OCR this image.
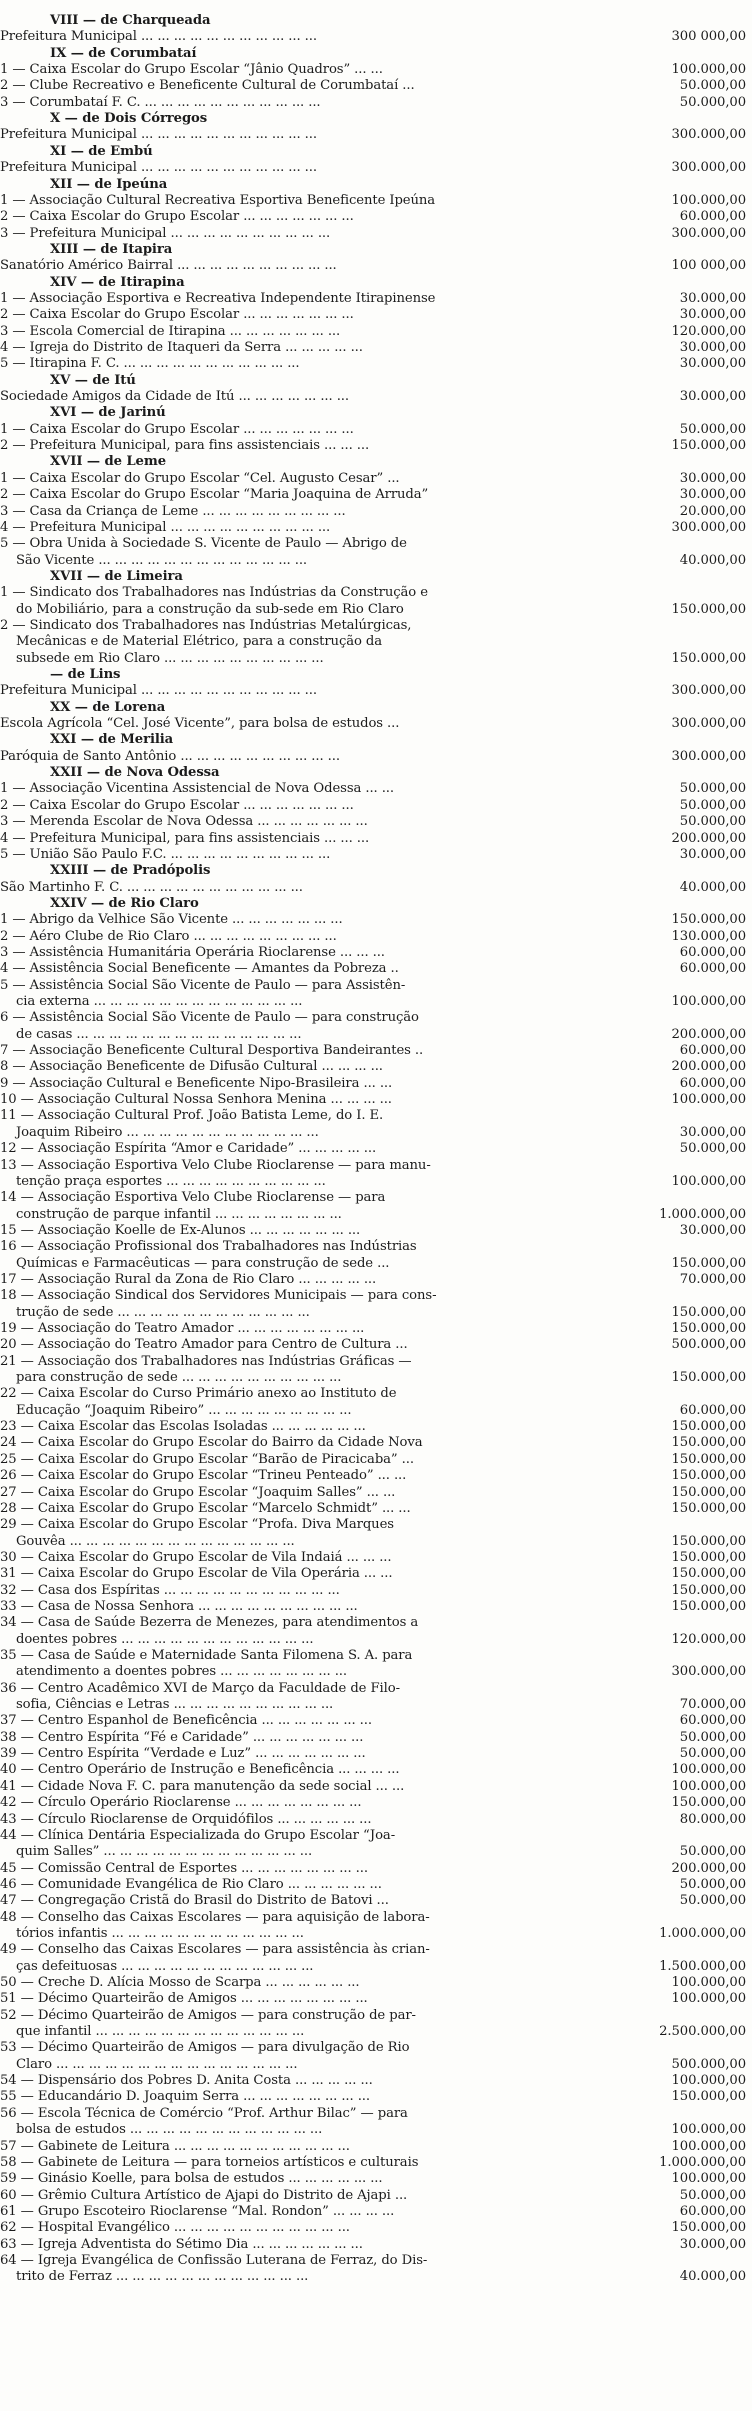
VIII — de Charqueada
Prefeitura Municipal ... ... ... ... ... ... ... ... ... ... ...	300 000,00
IX — de Corumbataí
1 — Caixa Escolar do Grupo Escolar “Jânio Quadros” ... ...	100.000,00
2 — Clube Recreativo e Beneficente Cultural de Corumbataí ...	50.000,00
3 — Corumbataí F. C. ... ... ... ... ... ... ... ... ... ... ...	50.000,00
X — de Dois Córregos
Prefeitura Municipal ... ... ... ... ... ... ... ... ... ... ...	300.000,00
XI — de Embú
Prefeitura Municipal ... ... ... ... ... ... ... ... ... ... ...	300.000,00
XII — de Ipeúna
1 — Associação Cultural Recreativa Esportiva Beneficente Ipeúna	100.000,00
2 — Caixa Escolar do Grupo Escolar ... ... ... ... ... ... ...	60.000,00
3 — Prefeitura Municipal ... ... ... ... ... ... ... ... ... ...	300.000,00
XIII — de Itapira
Sanatório Américo Bairral ... ... ... ... ... ... ... ... ... ...	100 000,00
XIV — de Itirapina
1 — Associação Esportiva e Recreativa Independente Itirapinense	30.000,00
2 — Caixa Escolar do Grupo Escolar ... ... ... ... ... ... ...	30.000,00
3 — Escola Comercial de Itirapina ... ... ... ... ... ... ...	120.000,00
4 — Igreja do Distrito de Itaqueri da Serra ... ... ... ... ...	30.000,00
5 — Itirapina F. C. ... ... ... ... ... ... ... ... ... ... ...	30.000,00
XV — de Itú
Sociedade Amigos da Cidade de Itú ... ... ... ... ... ... ...	30.000,00
XVI — de Jarinú
1 — Caixa Escolar do Grupo Escolar ... ... ... ... ... ... ...	50.000,00
2 — Prefeitura Municipal, para fins assistenciais ... ... ...	150.000,00
XVII — de Leme
1 — Caixa Escolar do Grupo Escolar “Cel. Augusto Cesar” ...	30.000,00
2 — Caixa Escolar do Grupo Escolar “Maria Joaquina de Arruda”	30.000,00
3 — Casa da Criança de Leme ... ... ... ... ... ... ... ... ...	20.000,00
4 — Prefeitura Municipal ... ... ... ... ... ... ... ... ... ...	300.000,00
5 — Obra Unida à Sociedade S. Vicente de Paulo — Abrigo de
São Vicente ... ... ... ... ... ... ... ... ... ... ... ... ...	40.000,00
XVII — de Limeira
1 — Sindicato dos Trabalhadores nas Indústrias da Construção e
do Mobiliário, para a construção da sub-sede em Rio Claro	150.000,00
2 — Sindicato dos Trabalhadores nas Indústrias Metalúrgicas,
Mecânicas e de Material Elétrico, para a construção da
subsede em Rio Claro ... ... ... ... ... ... ... ... ... ...	150.000,00
— de Lins
Prefeitura Municipal ... ... ... ... ... ... ... ... ... ... ...	300.000,00
XX — de Lorena
Escola Agrícola “Cel. José Vicente”, para bolsa de estudos ...	300.000,00
XXI — de Merilia
Paróquia de Santo Antônio ... ... ... ... ... ... ... ... ... ...	300.000,00
XXII — de Nova Odessa
1 — Associação Vicentina Assistencial de Nova Odessa ... ...	50.000,00
2 — Caixa Escolar do Grupo Escolar ... ... ... ... ... ... ...	50.000,00
3 — Merenda Escolar de Nova Odessa ... ... ... ... ... ... ...	50.000,00
4 — Prefeitura Municipal, para fins assistenciais ... ... ...	200.000,00
5 — União São Paulo F.C. ... ... ... ... ... ... ... ... ... ...	30.000,00
XXIII — de Pradópolis
São Martinho F. C. ... ... ... ... ... ... ... ... ... ... ...	40.000,00
XXIV — de Rio Claro
1 — Abrigo da Velhice São Vicente ... ... ... ... ... ... ...	150.000,00
2 — Aéro Clube de Rio Claro ... ... ... ... ... ... ... ... ...	130.000,00
3 — Assistência Humanitária Operária Rioclarense ... ... ...	60.000,00
4 — Assistência Social Beneficente — Amantes da Pobreza ..	60.000,00
5 — Assistência Social São Vicente de Paulo — para Assistên-
cia externa ... ... ... ... ... ... ... ... ... ... ... ... ...	100.000,00
6 — Assistência Social São Vicente de Paulo — para construção
de casas ... ... ... ... ... ... ... ... ... ... ... ... ... ...	200.000,00
7 — Associação Beneficente Cultural Desportiva Bandeirantes ..	60.000,00
8 — Associação Beneficente de Difusão Cultural ... ... ... ...	200.000,00
9 — Associação Cultural e Beneficente Nipo-Brasileira ... ...	60.000,00
10 — Associação Cultural Nossa Senhora Menina ... ... ... ...	100.000,00
11 — Associação Cultural Prof. João Batista Leme, do I. E.
Joaquim Ribeiro ... ... ... ... ... ... ... ... ... ... ... ...	30.000,00
12 — Associação Espírita “Amor e Caridade” ... ... ... ... ...	50.000,00
13 — Associação Esportiva Velo Clube Rioclarense — para manu-
tenção praça esportes ... ... ... ... ... ... ... ... ... ...	100.000,00
14 — Associação Esportiva Velo Clube Rioclarense — para
construção de parque infantil ... ... ... ... ... ... ... ...	1.000.000,00
15 — Associação Koelle de Ex-Alunos ... ... ... ... ... ... ...	30.000,00
16 — Associação Profissional dos Trabalhadores nas Indústrias
Químicas e Farmacêuticas — para construção de sede ...	150.000,00
17 — Associação Rural da Zona de Rio Claro ... ... ... ... ...	70.000,00
18 — Associação Sindical dos Servidores Municipais — para cons-
trução de sede ... ... ... ... ... ... ... ... ... ... ... ...	150.000,00
19 — Associação do Teatro Amador ... ... ... ... ... ... ... ...	150.000,00
20 — Associação do Teatro Amador para Centro de Cultura ...	500.000,00
21 — Associação dos Trabalhadores nas Indústrias Gráficas —
para construção de sede ... ... ... ... ... ... ... ... ... ...	150.000,00
22 — Caixa Escolar do Curso Primário anexo ao Instituto de
Educação “Joaquim Ribeiro” ... ... ... ... ... ... ... ... ...	60.000,00
23 — Caixa Escolar das Escolas Isoladas ... ... ... ... ... ...	150.000,00
24 — Caixa Escolar do Grupo Escolar do Bairro da Cidade Nova	150.000,00
25 — Caixa Escolar do Grupo Escolar “Barão de Piracicaba” ...	150.000,00
26 — Caixa Escolar do Grupo Escolar “Trineu Penteado” ... ...	150.000,00
27 — Caixa Escolar do Grupo Escolar “Joaquim Salles” ... ...	150.000,00
28 — Caixa Escolar do Grupo Escolar “Marcelo Schmidt” ... ...	150.000,00
29 — Caixa Escolar do Grupo Escolar “Profa. Diva Marques
Gouvêa ... ... ... ... ... ... ... ... ... ... ... ... ... ...	150.000,00
30 — Caixa Escolar do Grupo Escolar de Vila Indaiá ... ... ...	150.000,00
31 — Caixa Escolar do Grupo Escolar de Vila Operária ... ...	150.000,00
32 — Casa dos Espíritas ... ... ... ... ... ... ... ... ... ... ...	150.000,00
33 — Casa de Nossa Senhora ... ... ... ... ... ... ... ... ... ...	150.000,00
34 — Casa de Saúde Bezerra de Menezes, para atendimentos a
doentes pobres ... ... ... ... ... ... ... ... ... ... ... ...	120.000,00
35 — Casa de Saúde e Maternidade Santa Filomena S. A. para
atendimento a doentes pobres ... ... ... ... ... ... ... ...	300.000,00
36 — Centro Acadêmico XVI de Março da Faculdade de Filo-
sofia, Ciências e Letras ... ... ... ... ... ... ... ... ... ...	70.000,00
37 — Centro Espanhol de Beneficência ... ... ... ... ... ... ...	60.000,00
38 — Centro Espírita “Fé e Caridade” ... ... ... ... ... ... ...	50.000,00
39 — Centro Espírita “Verdade e Luz” ... ... ... ... ... ... ...	50.000,00
40 — Centro Operário de Instrução e Beneficência ... ... ... ...	100.000,00
41 — Cidade Nova F. C. para manutenção da sede social ... ...	100.000,00
42 — Círculo Operário Rioclarense ... ... ... ... ... ... ... ...	150.000,00
43 — Círculo Rioclarense de Orquidófilos ... ... ... ... ... ...	80.000,00
44 — Clínica Dentária Especializada do Grupo Escolar “Joa-
quim Salles” ... ... ... ... ... ... ... ... ... ... ... ... ...	50.000,00
45 — Comissão Central de Esportes ... ... ... ... ... ... ... ...	200.000,00
46 — Comunidade Evangélica de Rio Claro ... ... ... ... ... ...	50.000,00
47 — Congregação Cristã do Brasil do Distrito de Batovi ...	50.000,00
48 — Conselho das Caixas Escolares — para aquisição de labora-
tórios infantis ... ... ... ... ... ... ... ... ... ... ... ...	1.000.000,00
49 — Conselho das Caixas Escolares — para assistência às crian-
ças defeituosas ... ... ... ... ... ... ... ... ... ... ... ...	1.500.000,00
50 — Creche D. Alícia Mosso de Scarpa ... ... ... ... ... ...	100.000,00
51 — Décimo Quarteirão de Amigos ... ... ... ... ... ... ... ...	100.000,00
52 — Décimo Quarteirão de Amigos — para construção de par-
que infantil ... ... ... ... ... ... ... ... ... ... ... ... ...	2.500.000,00
53 — Décimo Quarteirão de Amigos — para divulgação de Rio
Claro ... ... ... ... ... ... ... ... ... ... ... ... ... ... ...	500.000,00
54 — Dispensário dos Pobres D. Anita Costa ... ... ... ... ...	100.000,00
55 — Educandário D. Joaquim Serra ... ... ... ... ... ... ... ...	150.000,00
56 — Escola Técnica de Comércio “Prof. Arthur Bilac” — para
bolsa de estudos ... ... ... ... ... ... ... ... ... ... ... ...	100.000,00
57 — Gabinete de Leitura ... ... ... ... ... ... ... ... ... ... ...	100.000,00
58 — Gabinete de Leitura — para torneios artísticos e culturais	1.000.000,00
59 — Ginásio Koelle, para bolsa de estudos ... ... ... ... ... ...	100.000,00
60 — Grêmio Cultura Artístico de Ajapi do Distrito de Ajapi ...	50.000,00
61 — Grupo Escoteiro Rioclarense “Mal. Rondon” ... ... ... ...	60.000,00
62 — Hospital Evangélico ... ... ... ... ... ... ... ... ... ... ...	150.000,00
63 — Igreja Adventista do Sétimo Dia ... ... ... ... ... ... ...	30.000,00
64 — Igreja Evangélica de Confissão Luterana de Ferraz, do Dis-
trito de Ferraz ... ... ... ... ... ... ... ... ... ... ... ...	40.000,00
